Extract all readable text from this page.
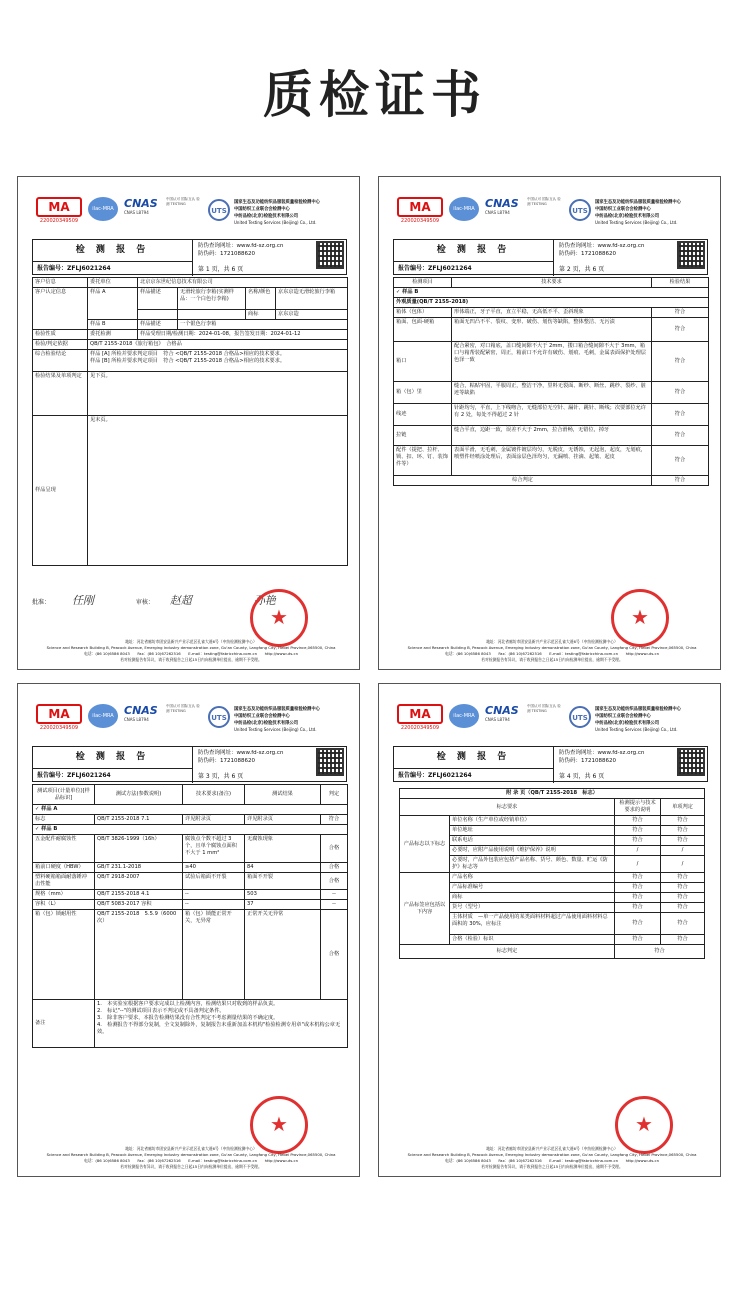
质检证书
MA
220020349509
ilac-MRA CNAS
CNAS L8794
中国认可 国际互认 检测 TESTING
UTS
国家生态及功能纺织品服装质量检验检测中心
中国纺织工业联合会检测中心
中纺品检(北京)检验技术有限公司
United Testing Services (Beijing) Co., Ltd.
检 测 报 告	防伪查询网址：www.fd-sz.org.cn
防伪码：1721088620
报告编号：ZFLJ6021264	第 1 页，共 6 页
客户信息	委托单位	北京京东世纪信息技术有限公司			
客户认定信息	样品 A	样品描述	无滑轮旅行李箱(实测样品：一个白色行李箱)	名称/颜色	京东京造无滑轮旅行李箱
				商标	京东京造
	样品 B	样品描述	一个银色行李箱		
检验性质	委托检测	样品受理日期/检测日期：2024-01-08，报告签发日期：2024-01-12			
检验/判定依据	QB/T 2155-2018《旅行箱包》　合格品				
综合检验结论	样品 [A] 所检并要求判定项目　符合 <QB/T 2155-2018 合格品>相应的技术要求。
样品 [B] 所检并要求判定项目　符合 <QB/T 2155-2018 合格品>相应的技术要求。				

检验结果及单项判定	见下页。				
样品呈现	见末页。				
批准： 任刚	审核： 赵超	孙艳
★
地址：河北省廊坊市固安县新兴产业示范区孔雀大道6号（中纺检测检测中心）
Science and Research Building B, Peacock Avenue, Emerging Industry demonstration zone, Gu'an County, Langfang City, Hebei Province,065500, China
电话：(86 10)6586 8043　　Fax：(86 10)67262516　　E-mail：testing@fabricchina.com.cn　　http://www.uts.cn
若对检测报告有异议，请于收到报告之日起15日内向检测单位提出，逾期不予受理。
MA
220020349509
ilac-MRA CNAS
CNAS L8794
中国认可 国际互认 检测 TESTING
UTS
国家生态及功能纺织品服装质量检验检测中心
中国纺织工业联合会检测中心
中纺品检(北京)检验技术有限公司
United Testing Services (Beijing) Co., Ltd.
检 测 报 告	防伪查询网址：www.fd-sz.org.cn
防伪码：1721088620
报告编号：ZFLJ6021264	第 2 页，共 6 页
检测项目	技术要求	检验结果
✓ 样品 B		
外观质量(QB/T 2155-2018)		
箱体（包体）	形体端正，牙子平直，直立平稳，无高低不平、歪斜现象	符合
箱面、包面-硬箱	箱面无凹凸不平、裂纹、变形、破伤、划伤等缺陷，整体整洁、无污渍	符合
箱口	配合紧密，对口箱底，盖口缝间隙不大于 2mm，搂口箱合缝间隙不大于 3mm，箱口与箱帮装配紧密，周正，箱前口不允许有破伤、划痕、毛刺，金属表面保护处理层色泽一致	符合
箱（包）里	缝合，粘贴牢固，平服周正，整洁干净，里料无裂面、断纱、断丝、跳纱、裂纱、脏迹等缺陷	符合
线迹	针距均匀，平直，上下线吻合，无缝部位无空针、漏针、跳针、断线；次要部位允许有 2 处，每处不得超过 2 针	符合
拉链	缝合平直，边距一致，误差不大于 2mm，拉合滑畅，无错位，掉牙	符合
配件（提把、拉杆、锁、扣、环、钉、装饰件等）	表面平滑，无毛刺，金属镀件镀层均匀，无脱皮，无锈蚀，无起泡，起皮，无划痕，喷塑件经喷涂处理后，表面涂层色泽均匀，无漏喷、挂滴、起皱、起皮	符合
综合判定		符合
★
地址：河北省廊坊市固安县新兴产业示范区孔雀大道6号（中纺检测检测中心）
Science and Research Building B, Peacock Avenue, Emerging Industry demonstration zone, Gu'an County, Langfang City, Hebei Province,065500, China
电话：(86 10)6586 8043　　Fax：(86 10)67262516　　E-mail：testing@fabricchina.com.cn　　http://www.uts.cn
若对检测报告有异议，请于收到报告之日起15日内向检测单位提出，逾期不予受理。
MA
220020349509
ilac-MRA CNAS
CNAS L8794
中国认可 国际互认 检测 TESTING
UTS
国家生态及功能纺织品服装质量检验检测中心
中国纺织工业联合会检测中心
中纺品检(北京)检验技术有限公司
United Testing Services (Beijing) Co., Ltd.
检 测 报 告	防伪查询网址：www.fd-sz.org.cn
防伪码：1721088620
报告编号：ZFLJ6021264	第 3 页，共 6 页
测试项目(计量单位)[样品标识]	测试方法(参数说明)	技术要求(备注)	测试结果	判定
✓ 样品 A				
标志	QB/T 2155-2018 7.1	详见附录页	详见附录页	符合
✓ 样品 B				
五金配件耐腐蚀性	QB/T 3826-1999（16h）	腐蚀点个数不超过 3 个，且单个腐蚀点面积不大于 1 mm²	无腐蚀现象	合格
箱前口硬度（HBW）	GB/T 231.1-2018	≥40	84	合格
塑料硬箱箱面耐落锤冲击性能	QB/T 2918-2007	试验后箱面不开裂	箱面不开裂	合格
规格（mm）	QB/T 2155-2018 4.1	--	503	--
容积（L）	QB/T 5083-2017 容积	--	37	--
箱（包）锁耐用性	QB/T 2155-2018　5.5.9（6000 次）	箱（包）锁能正常开关，无异常	正常开关无异常	合格
备注	1.　本实验室根据客户要求完成以上检测内容，检测结果只对收到的样品负责。
2.　标记"--"的测试项目表示不判定或不具备判定条件。
3.　除非客户要求，本报告检测结果没有合性判定不考虑测量结果的不确定度。
4.　检测报告不得部分复制，全文复制除外，复制报告未重新加盖本机构"检验检测专用章"或本机构公章无效。			
★
地址：河北省廊坊市固安县新兴产业示范区孔雀大道6号（中纺检测检测中心）
Science and Research Building B, Peacock Avenue, Emerging Industry demonstration zone, Gu'an County, Langfang City, Hebei Province,065500, China
电话：(86 10)6586 8043　　Fax：(86 10)67262516　　E-mail：testing@fabricchina.com.cn　　http://www.uts.cn
若对检测报告有异议，请于收到报告之日起15日内向检测单位提出，逾期不予受理。
MA
220020349509
ilac-MRA CNAS
CNAS L8794
中国认可 国际互认 检测 TESTING
UTS
国家生态及功能纺织品服装质量检验检测中心
中国纺织工业联合会检测中心
中纺品检(北京)检验技术有限公司
United Testing Services (Beijing) Co., Ltd.
检 测 报 告	防伪查询网址：www.fd-sz.org.cn
防伪码：1721088620
报告编号：ZFLJ6021264	第 4 页，共 6 页
附 录 页（QB/T 2155-2018　标志）			
标志要求		检测提示与技术要求的说明	单项判定
产品标志以下标志	单位名称（生产单位或经销单位）	符合	符合
	单位地址	符合	符合
	联系电话	符合	符合
	必要时，应附产品使用说明《维护保养》说明	/	/
	必要时，产品外包装应包括产品名称、货号、颜色、数量、贮运《防护》标志等	/	/
产品标签应包括以下内容	产品名称	符合	符合
	产品标准编号	符合	符合
	商标	符合	符合
	货号（型号）	符合	符合
	主体材质　—单一产品使用的某类面料材料超过产品使用面料材料总面积的 30%，应标注	符合	符合
	合格（检验）标识	符合	符合
标志判定		符合	
★
地址：河北省廊坊市固安县新兴产业示范区孔雀大道6号（中纺检测检测中心）
Science and Research Building B, Peacock Avenue, Emerging Industry demonstration zone, Gu'an County, Langfang City, Hebei Province,065500, China
电话：(86 10)6586 8043　　Fax：(86 10)67262516　　E-mail：testing@fabricchina.com.cn　　http://www.uts.cn
若对检测报告有异议，请于收到报告之日起15日内向检测单位提出，逾期不予受理。
